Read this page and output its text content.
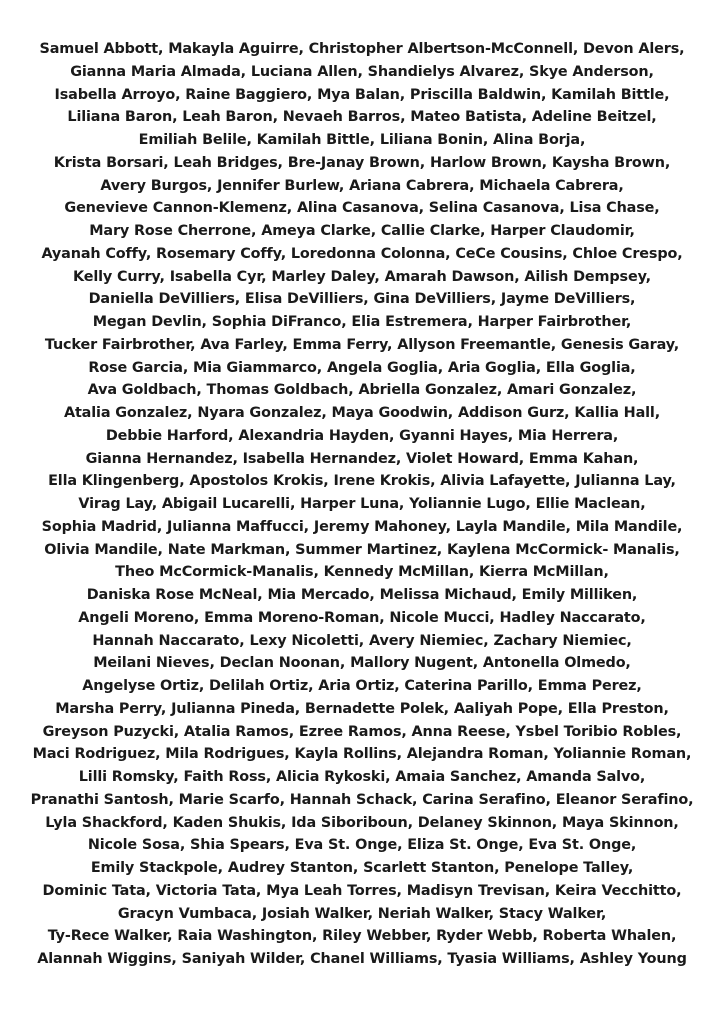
Samuel Abbott, Makayla Aguirre, Christopher Albertson-McConnell, Devon Alers,
Gianna Maria Almada, Luciana Allen, Shandielys Alvarez, Skye Anderson,
Isabella Arroyo, Raine Baggiero, Mya Balan, Priscilla Baldwin, Kamilah Bittle,
Liliana Baron, Leah Baron, Nevaeh Barros, Mateo Batista, Adeline Beitzel,
Emiliah Belile, Kamilah Bittle, Liliana Bonin, Alina Borja,
Krista Borsari, Leah Bridges, Bre-Janay Brown, Harlow Brown, Kaysha Brown,
Avery Burgos, Jennifer Burlew, Ariana Cabrera, Michaela Cabrera,
Genevieve Cannon-Klemenz, Alina Casanova, Selina Casanova, Lisa Chase,
Mary Rose Cherrone, Ameya Clarke, Callie Clarke, Harper Claudomir,
Ayanah Coffy, Rosemary Coffy, Loredonna Colonna, CeCe Cousins, Chloe Crespo,
Kelly Curry, Isabella Cyr, Marley Daley, Amarah Dawson, Ailish Dempsey,
Daniella DeVilliers, Elisa DeVilliers, Gina DeVilliers, Jayme DeVilliers,
Megan Devlin, Sophia DiFranco, Elia Estremera, Harper Fairbrother,
Tucker Fairbrother, Ava Farley, Emma Ferry, Allyson Freemantle, Genesis Garay,
Rose Garcia, Mia Giammarco, Angela Goglia, Aria Goglia, Ella Goglia,
Ava Goldbach, Thomas Goldbach, Abriella Gonzalez, Amari Gonzalez,
Atalia Gonzalez, Nyara Gonzalez, Maya Goodwin, Addison Gurz, Kallia Hall,
Debbie Harford, Alexandria Hayden, Gyanni Hayes, Mia Herrera,
Gianna Hernandez, Isabella Hernandez, Violet Howard, Emma Kahan,
Ella Klingenberg, Apostolos Krokis, Irene Krokis, Alivia Lafayette, Julianna Lay,
Virag Lay, Abigail Lucarelli, Harper Luna, Yoliannie Lugo, Ellie Maclean,
Sophia Madrid, Julianna Maffucci, Jeremy Mahoney, Layla Mandile, Mila Mandile,
Olivia Mandile, Nate Markman, Summer Martinez, Kaylena McCormick- Manalis,
Theo McCormick-Manalis, Kennedy McMillan, Kierra McMillan,
Daniska Rose McNeal, Mia Mercado, Melissa Michaud, Emily Milliken,
Angeli Moreno, Emma Moreno-Roman, Nicole Mucci, Hadley Naccarato,
Hannah Naccarato, Lexy Nicoletti, Avery Niemiec, Zachary Niemiec,
Meilani Nieves, Declan Noonan, Mallory Nugent, Antonella Olmedo,
Angelyse Ortiz, Delilah Ortiz, Aria Ortiz, Caterina Parillo, Emma Perez,
Marsha Perry, Julianna Pineda, Bernadette Polek, Aaliyah Pope, Ella Preston,
Greyson Puzycki, Atalia Ramos, Ezree Ramos, Anna Reese, Ysbel Toribio Robles,
Maci Rodriguez, Mila Rodrigues, Kayla Rollins, Alejandra Roman, Yoliannie Roman,
Lilli Romsky, Faith Ross, Alicia Rykoski, Amaia Sanchez, Amanda Salvo,
Pranathi Santosh, Marie Scarfo, Hannah Schack, Carina Serafino, Eleanor Serafino,
Lyla Shackford, Kaden Shukis, Ida Siboriboun, Delaney Skinnon, Maya Skinnon,
Nicole Sosa, Shia Spears, Eva St. Onge, Eliza St. Onge, Eva St. Onge,
Emily Stackpole, Audrey Stanton, Scarlett Stanton, Penelope Talley,
Dominic Tata, Victoria Tata, Mya Leah Torres, Madisyn Trevisan, Keira Vecchitto,
Gracyn Vumbaca, Josiah Walker, Neriah Walker, Stacy Walker,
Ty-Rece Walker, Raia Washington, Riley Webber, Ryder Webb, Roberta Whalen,
Alannah Wiggins, Saniyah Wilder, Chanel Williams, Tyasia Williams, Ashley Young
